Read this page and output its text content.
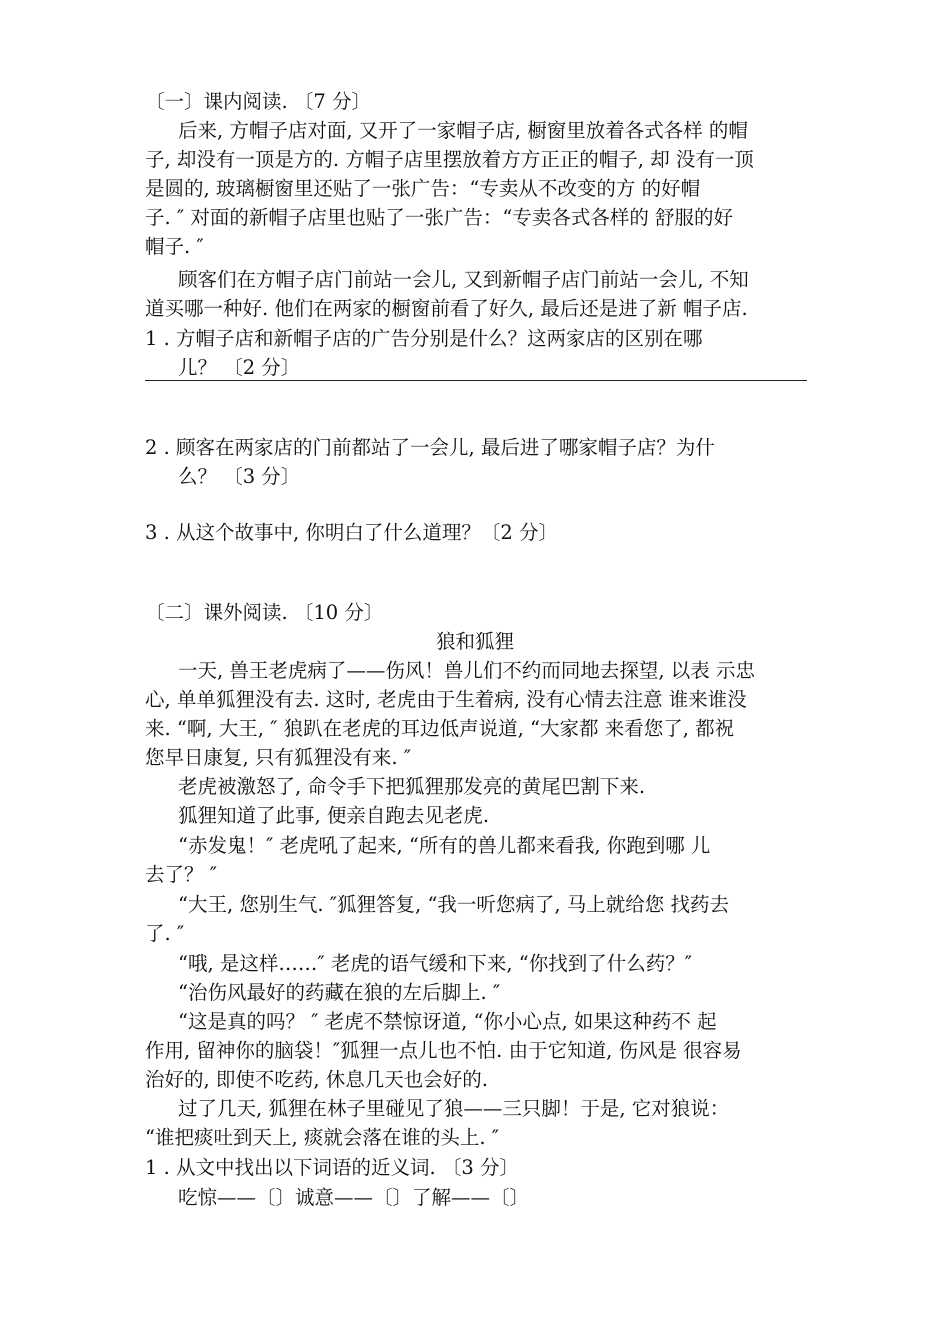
〔一〕课内阅读. 〔7 分〕
后来, 方帽子店对面, 又开了一家帽子店, 橱窗里放着各式各样 的帽
子, 却没有一顶是方的. 方帽子店里摆放着方方正正的帽子, 却 没有一顶
是圆的, 玻璃橱窗里还贴了一张广告：“专卖从不改变的方 的好帽
子. ″ 对面的新帽子店里也贴了一张广告：“专卖各式各样的 舒服的好
帽子. ″
顾客们在方帽子店门前站一会儿, 又到新帽子店门前站一会儿, 不知
道买哪一种好. 他们在两家的橱窗前看了好久, 最后还是进了新 帽子店.
1 . 方帽子店和新帽子店的广告分别是什么？这两家店的区别在哪
儿？ 〔2 分〕
2 . 顾客在两家店的门前都站了一会儿, 最后进了哪家帽子店？为什
么？ 〔3 分〕
3 . 从这个故事中, 你明白了什么道理？〔2 分〕
〔二〕课外阅读. 〔10 分〕
狼和狐狸
一天, 兽王老虎病了——伤风！兽儿们不约而同地去探望, 以表 示忠
心, 单单狐狸没有去. 这时, 老虎由于生着病, 没有心情去注意 谁来谁没
来. “啊, 大王, ″ 狼趴在老虎的耳边低声说道, “大家都 来看您了, 都祝
您早日康复, 只有狐狸没有来. ″
老虎被激怒了, 命令手下把狐狸那发亮的黄尾巴割下来.
狐狸知道了此事, 便亲自跑去见老虎.
“赤发鬼！″ 老虎吼了起来, “所有的兽儿都来看我, 你跑到哪 儿
去了？ ″
“大王, 您别生气. ″狐狸答复, “我一听您病了, 马上就给您 找药去
了. ″
“哦, 是这样……″ 老虎的语气缓和下来, “你找到了什么药？″
“治伤风最好的药藏在狼的左后脚上. ″
“这是真的吗？ ″ 老虎不禁惊讶道, “你小心点, 如果这种药不 起
作用, 留神你的脑袋！″狐狸一点儿也不怕. 由于它知道, 伤风是 很容易
治好的, 即使不吃药, 休息几天也会好的.
过了几天, 狐狸在林子里碰见了狼——三只脚！于是, 它对狼说：
“谁把痰吐到天上, 痰就会落在谁的头上. ″
1 . 从文中找出以下词语的近义词. 〔3 分〕
吃惊——〔〕诚意——〔〕了解——〔〕
